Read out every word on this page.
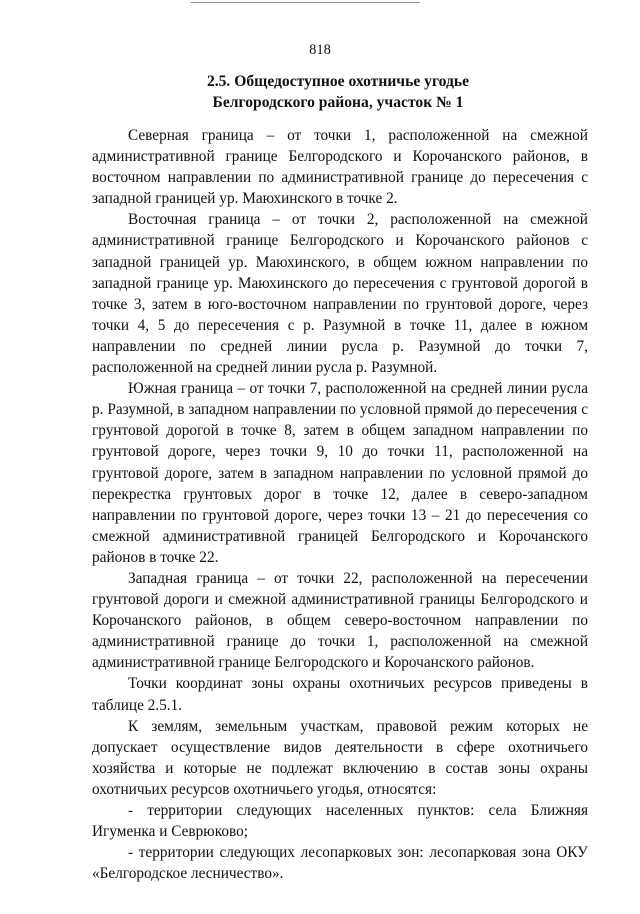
818
2.5. Общедоступное охотничье угодье
Белгородского района, участок № 1

Северная граница – от точки 1, расположенной на смежной административной границе Белгородского и Корочанского районов, в восточном направлении по административной границе до пересечения с западной границей ур. Маюхинского в точке 2.

Восточная граница – от точки 2, расположенной на смежной административной границе Белгородского и Корочанского районов с западной границей ур. Маюхинского, в общем южном направлении по западной границе ур. Маюхинского до пересечения с грунтовой дорогой в точке 3, затем в юго-восточном направлении по грунтовой дороге, через точки 4, 5 до пересечения с р. Разумной в точке 11, далее в южном направлении по средней линии русла р. Разумной до точки 7, расположенной на средней линии русла р. Разумной.

Южная граница – от точки 7, расположенной на средней линии русла р. Разумной, в западном направлении по условной прямой до пересечения с грунтовой дорогой в точке 8, затем в общем западном направлении по грунтовой дороге, через точки 9, 10 до точки 11, расположенной на грунтовой дороге, затем в западном направлении по условной прямой до перекрестка грунтовых дорог в точке 12, далее в северо-западном направлении по грунтовой дороге, через точки 13 – 21 до пересечения со смежной административной границей Белгородского и Корочанского районов в точке 22.

Западная граница – от точки 22, расположенной на пересечении грунтовой дороги и смежной административной границы Белгородского и Корочанского районов, в общем северо-восточном направлении по административной границе до точки 1, расположенной на смежной административной границе Белгородского и Корочанского районов.

Точки координат зоны охраны охотничьих ресурсов приведены в таблице 2.5.1.

К землям, земельным участкам, правовой режим которых не допускает осуществление видов деятельности в сфере охотничьего хозяйства и которые не подлежат включению в состав зоны охраны охотничьих ресурсов охотничьего угодья, относятся:

- территории следующих населенных пунктов: села Ближняя Игуменка и Севрюково;

- территории следующих лесопарковых зон: лесопарковая зона ОКУ «Белгородское лесничество».
